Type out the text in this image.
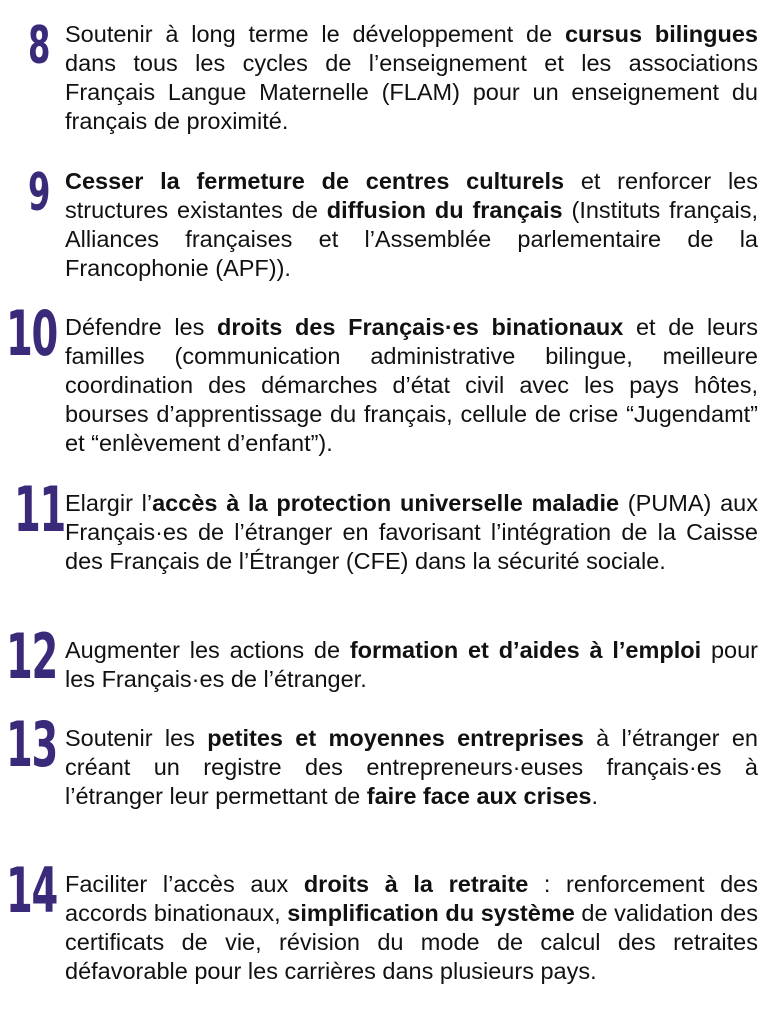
8 Soutenir à long terme le développement de cursus bilingues dans tous les cycles de l’enseignement et les associations Français Langue Maternelle (FLAM) pour un enseignement du français de proximité.

9 Cesser la fermeture de centres culturels et renforcer les structures existantes de diffusion du français (Instituts français, Alliances françaises et l’Assemblée parlementaire de la Francophonie (APF)).

10 Défendre les droits des Français·es binationaux et de leurs familles (communication administrative bilingue, meilleure coordination des démarches d’état civil avec les pays hôtes, bourses d’apprentissage du français, cellule de crise “Jugendamt” et “enlèvement d’enfant”).

11 Elargir l’accès à la protection universelle maladie (PUMA) aux Français·es de l’étranger en favorisant l’intégration de la Caisse des Français de l’Étranger (CFE) dans la sécurité sociale.

12 Augmenter les actions de formation et d’aides à l’emploi pour les Français·es de l’étranger.

13 Soutenir les petites et moyennes entreprises à l’étranger en créant un registre des entrepreneurs·euses français·es à l’étranger leur permettant de faire face aux crises.

14 Faciliter l’accès aux droits à la retraite : renforcement des accords binationaux, simplification du système de validation des certificats de vie, révision du mode de calcul des retraites défavorable pour les carrières dans plusieurs pays.
